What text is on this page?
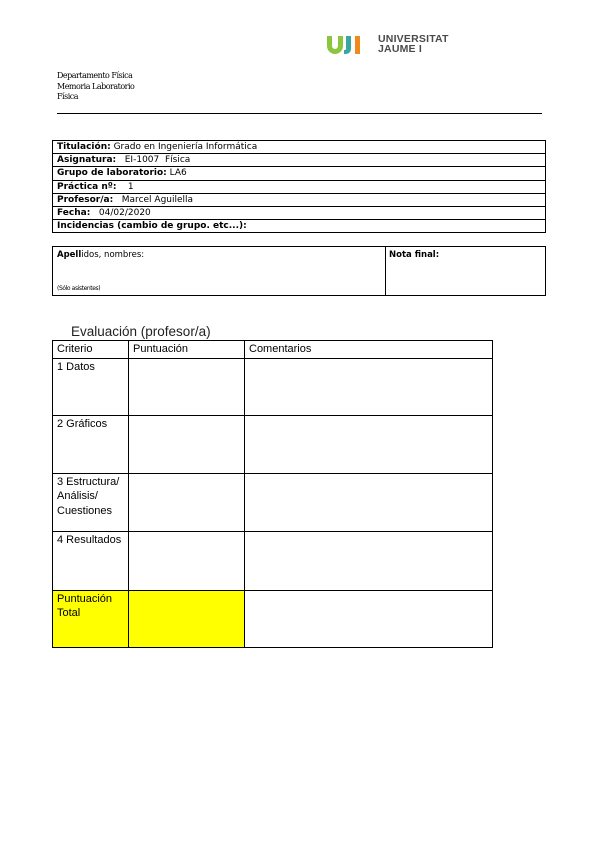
UNIVERSITAT
JAUME I
Departamento Física
Memoria Laboratorio
Física
Titulación: Grado en Ingeniería Informática
Asignatura: EI-1007  Física
Grupo de laboratorio: LA6
Práctica nº: 1
Profesor/a: Marcel Aguilella
Fecha: 04/02/2020
Incidencias (cambio de grupo. etc...):
Apellidos, nombres:
(Sólo asistentes)
Nota final:
Evaluación (profesor/a)
Criterio	Puntuación	Comentarios
1 Datos		
2 Gráficos		
3 Estructura/ Análisis/ Cuestiones		
4 Resultados		
Puntuación Total		
